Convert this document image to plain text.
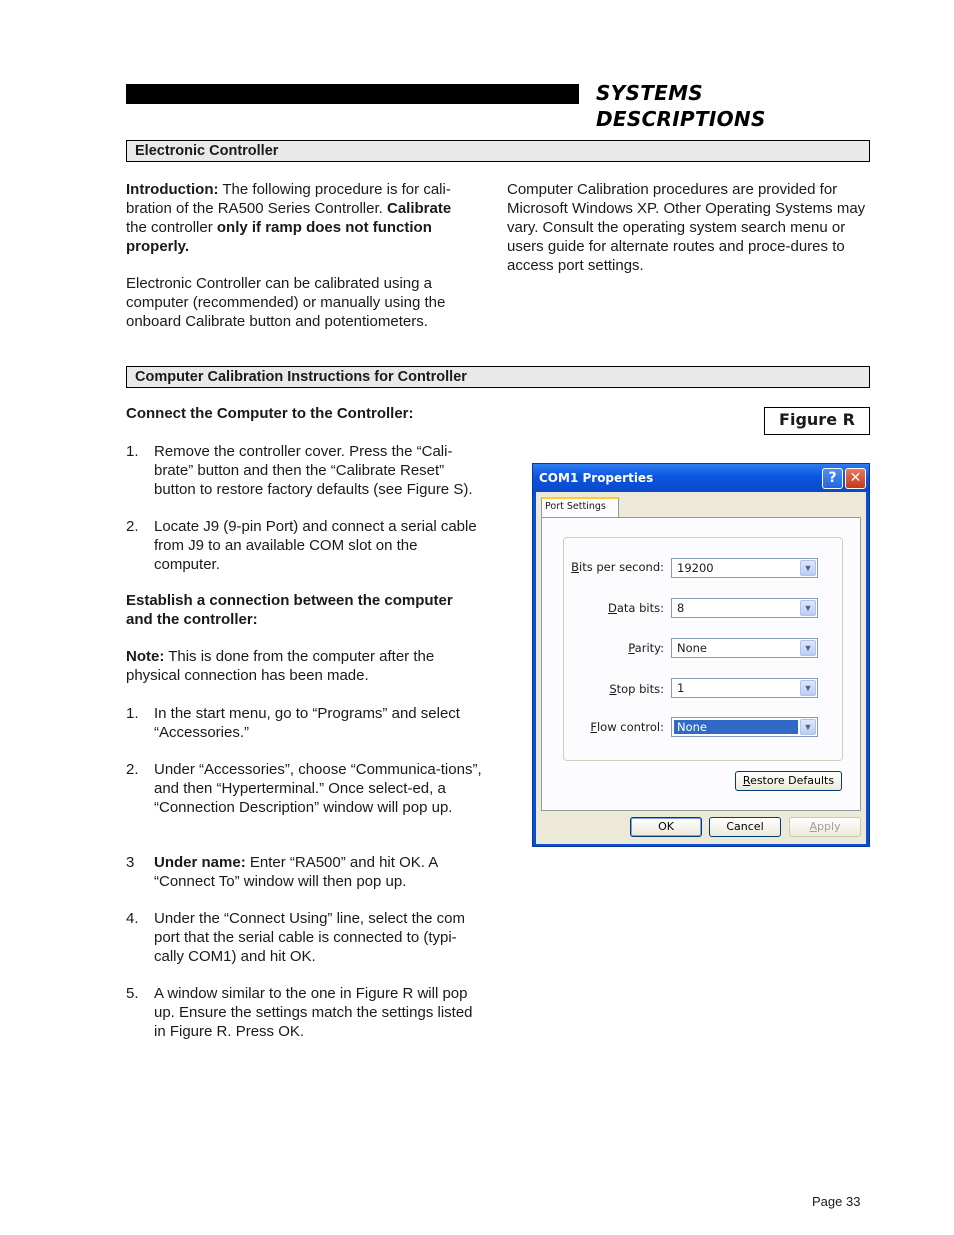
SYSTEMS DESCRIPTIONS
Electronic Controller

Introduction: The following procedure is for cali-bration of the RA500 Series Controller. Calibrate the controller only if ramp does not function properly.

Electronic Controller can be calibrated using a computer (recommended) or manually using the onboard Calibrate button and potentiometers.

Computer Calibration procedures are provided for Microsoft Windows XP. Other Operating Systems may vary. Consult the operating system search menu or users guide for alternate routes and proce-dures to access port settings.

Computer Calibration Instructions for Controller
Connect the Computer to the Controller:
1. Remove the controller cover. Press the “Cali-brate” button and then the “Calibrate Reset” button to restore factory defaults (see Figure S).
2. Locate J9 (9-pin Port) and connect a serial cable from J9 to an available COM slot on the computer.
Establish a connection between the computer and the controller:
Note: This is done from the computer after the physical connection has been made.
1. In the start menu, go to “Programs” and select “Accessories.”
2. Under “Accessories”, choose “Communica-tions”, and then “Hyperterminal.” Once select-ed, a “Connection Description” window will pop up.
3 Under name: Enter “RA500” and hit OK. A “Connect To” window will then pop up.
4. Under the “Connect Using” line, select the com port that the serial cable is connected to (typi-cally COM1) and hit OK.
5. A window similar to the one in Figure R will pop up. Ensure the settings match the settings listed in Figure R. Press OK.
Figure R
COM1 Properties	? ✕
Port Settings
Bits per second: 19200	▼
Data bits: 8	▼
Parity: None	▼
Stop bits: 1	▼
Flow control: None	▼
Restore Defaults
OK	Cancel	Apply
Page 33
